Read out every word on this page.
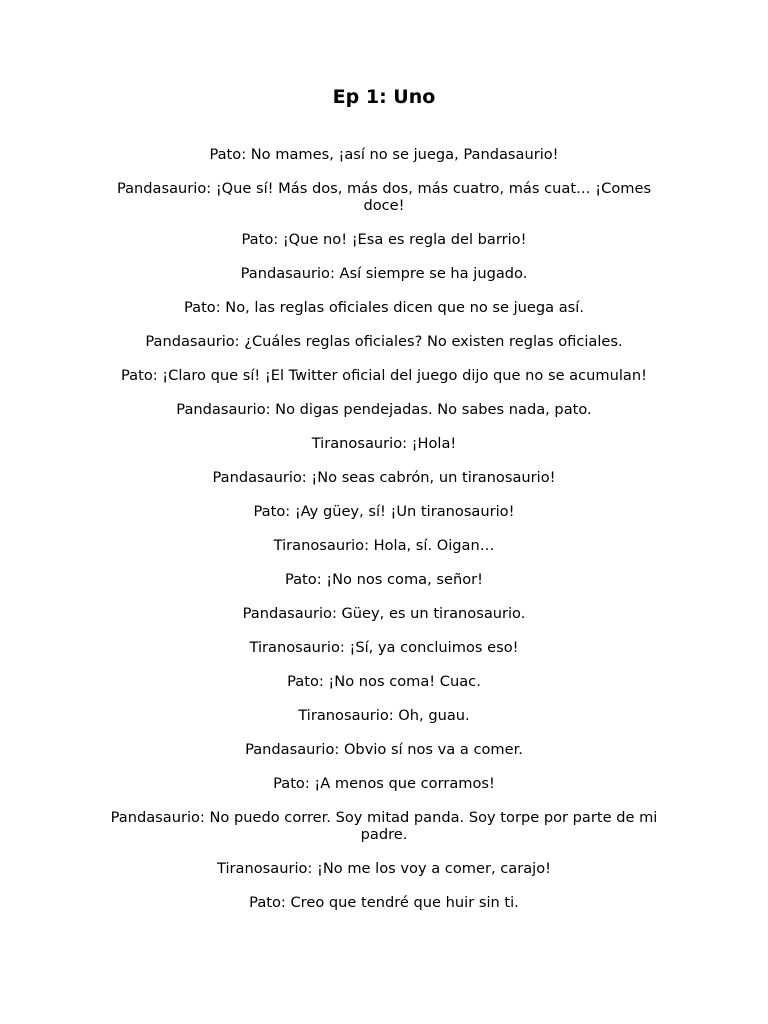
Ep 1: Uno
Pato: No mames, ¡así no se juega, Pandasaurio!
Pandasaurio: ¡Que sí! Más dos, más dos, más cuatro, más cuat… ¡Comes doce!
Pato: ¡Que no! ¡Esa es regla del barrio!
Pandasaurio: Así siempre se ha jugado.
Pato: No, las reglas oficiales dicen que no se juega así.
Pandasaurio: ¿Cuáles reglas oficiales? No existen reglas oficiales.
Pato: ¡Claro que sí! ¡El Twitter oficial del juego dijo que no se acumulan!
Pandasaurio: No digas pendejadas. No sabes nada, pato.
Tiranosaurio: ¡Hola!
Pandasaurio: ¡No seas cabrón, un tiranosaurio!
Pato: ¡Ay güey, sí! ¡Un tiranosaurio!
Tiranosaurio: Hola, sí. Oigan…
Pato: ¡No nos coma, señor!
Pandasaurio: Güey, es un tiranosaurio.
Tiranosaurio: ¡Sí, ya concluimos eso!
Pato: ¡No nos coma! Cuac.
Tiranosaurio: Oh, guau.
Pandasaurio: Obvio sí nos va a comer.
Pato: ¡A menos que corramos!
Pandasaurio: No puedo correr. Soy mitad panda. Soy torpe por parte de mi padre.
Tiranosaurio: ¡No me los voy a comer, carajo!
Pato: Creo que tendré que huir sin ti.
